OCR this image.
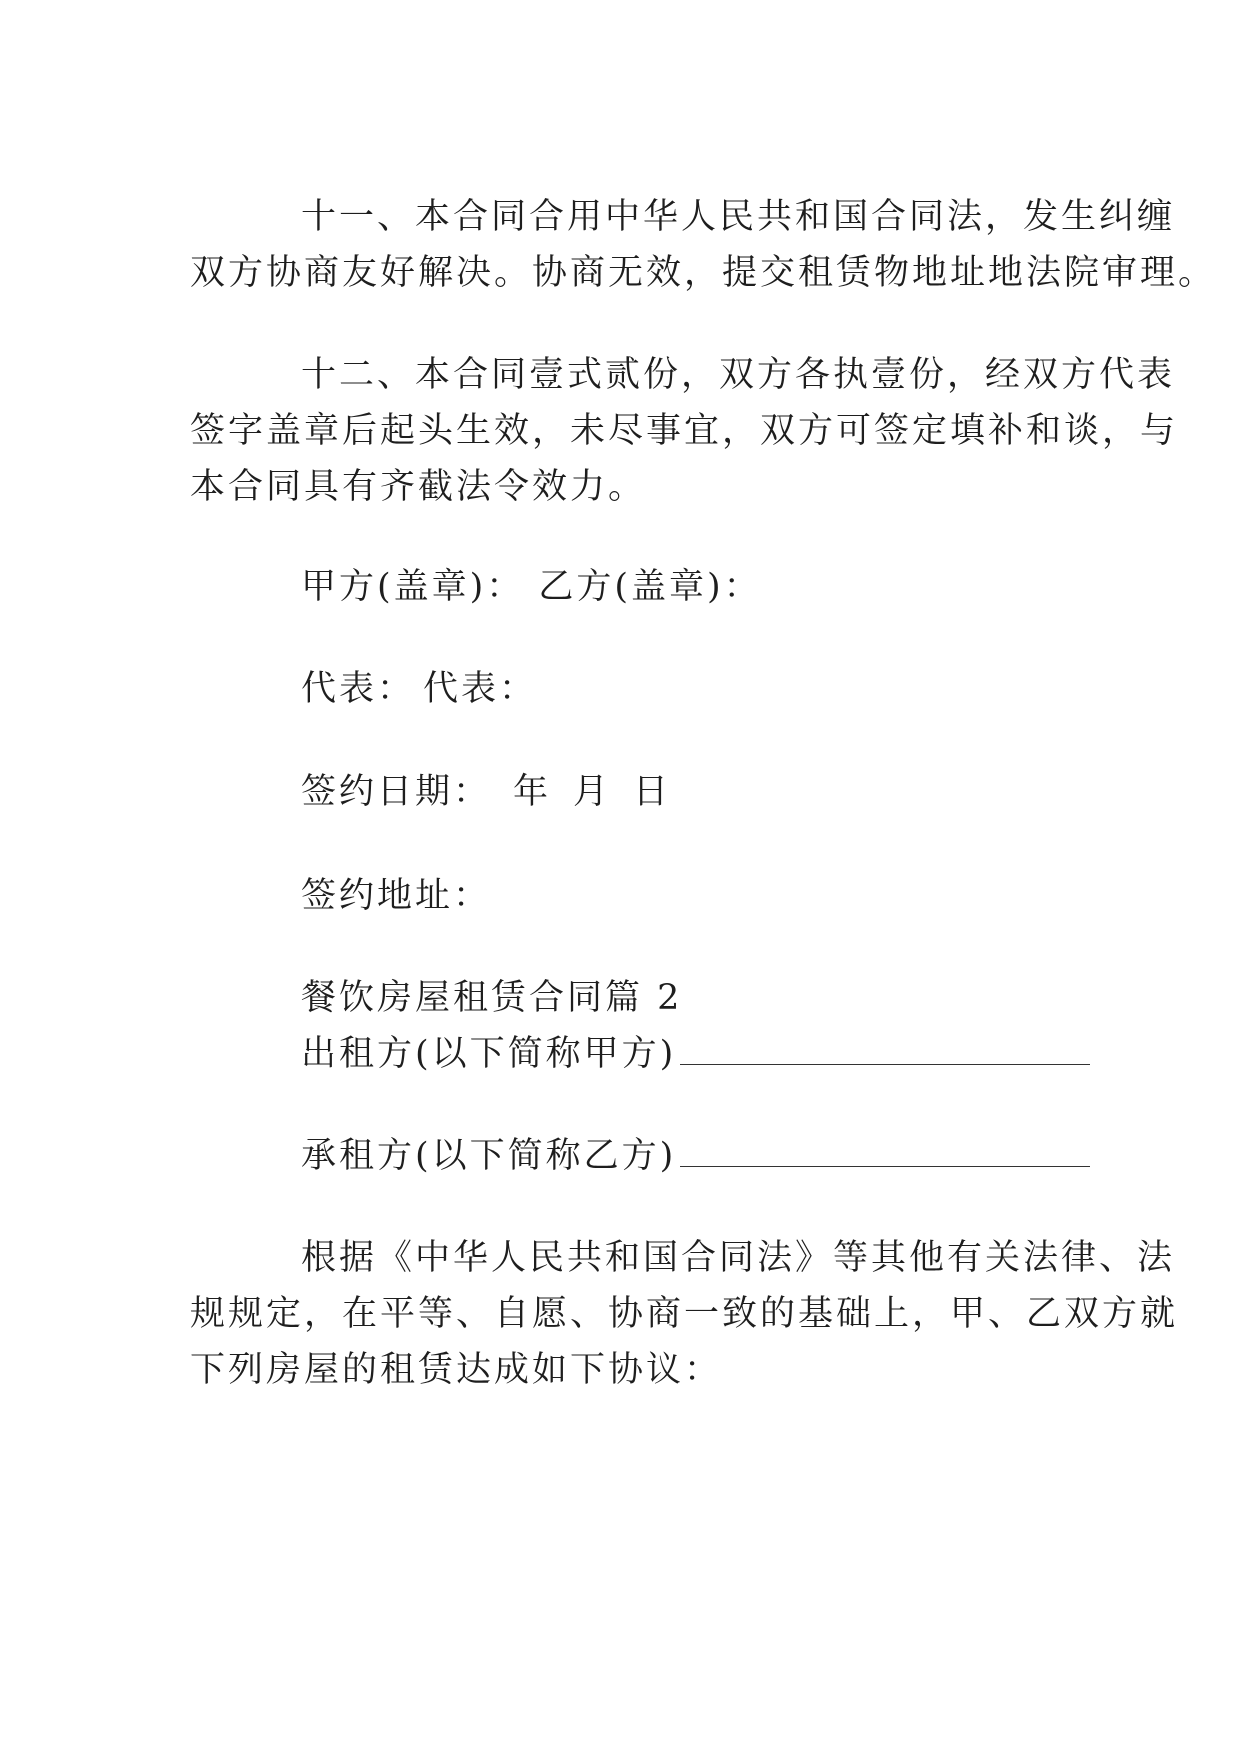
十一、本合同合用中华人民共和国合同法，发生纠缠
双方协商友好解决。协商无效，提交租赁物地址地法院审理。
十二、本合同壹式贰份，双方各执壹份，经双方代表
签字盖章后起头生效，未尽事宜，双方可签定填补和谈，与
本合同具有齐截法令效力。
甲方(盖章)： 乙方(盖章)：
代表： 代表：
签约日期： 年 月 日
签约地址：
餐饮房屋租赁合同篇 2
出租方(以下简称甲方)
承租方(以下简称乙方)
根据《中华人民共和国合同法》等其他有关法律、法
规规定，在平等、自愿、协商一致的基础上，甲、乙双方就
下列房屋的租赁达成如下协议：
